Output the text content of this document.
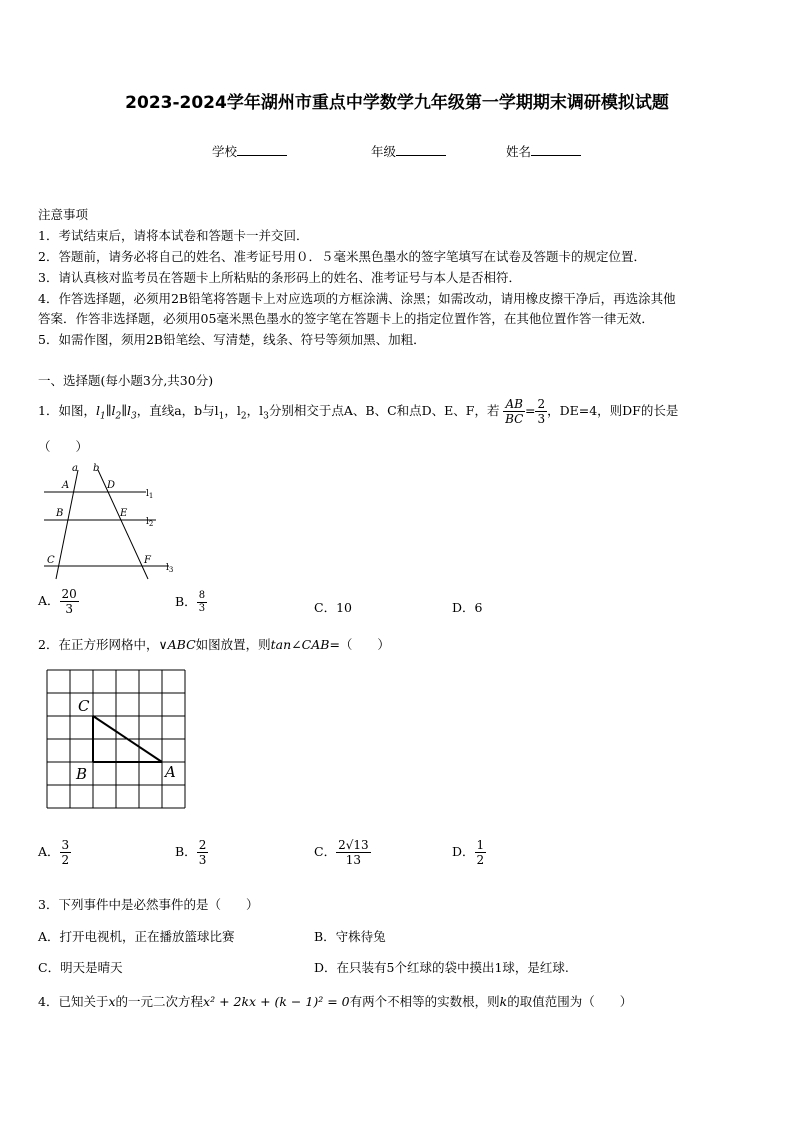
2023-2024学年湖州市重点中学数学九年级第一学期期末调研模拟试题
学校	年级	姓名
注意事项
1．考试结束后，请将本试卷和答题卡一并交回．
2．答题前，请务必将自己的姓名、准考证号用０．５毫米黑色墨水的签字笔填写在试卷及答题卡的规定位置．
3．请认真核对监考员在答题卡上所粘贴的条形码上的姓名、准考证号与本人是否相符．
4．作答选择题，必须用2B铅笔将答题卡上对应选项的方框涂满、涂黑；如需改动，请用橡皮擦干净后，再选涂其他
答案．作答非选择题，必须用05毫米黑色墨水的签字笔在答题卡上的指定位置作答，在其他位置作答一律无效．
5．如需作图，须用2B铅笔绘、写清楚，线条、符号等须加黑、加粗．
一、选择题(每小题3分,共30分)
1．如图，$l_1\parallel l_2\parallel l_3$，直线a，b与$l_1$，$l_2$，$l_3$分别相交于点A、B、C和点D、E、F，若 $\frac{AB}{BC} = \frac{2}{3}$ ，DE=4，则DF的长是
（　　）
a b
A	D
B	E
C	F
$l_1$
$l_2$
$l_3$
A． $\frac{20}{3}$	B． $\frac{8}{3}$	C．10	D．6
2．在正方形网格中，∨ABC如图放置，则tan∠CAB=（　　）
C
B	A
A． $\frac{3}{2}$	B． $\frac{2}{3}$	C． $\frac{2√13}{13}$	D． $\frac{1}{2}$
3．下列事件中是必然事件的是（　　）
A．打开电视机，正在播放篮球比赛	B．守株待兔
C．明天是晴天	D．在只装有5个红球的袋中摸出1球，是红球.
4．已知关于x的一元二次方程x² + 2kx + (k − 1)² = 0有两个不相等的实数根，则k的取值范围为（　　）
